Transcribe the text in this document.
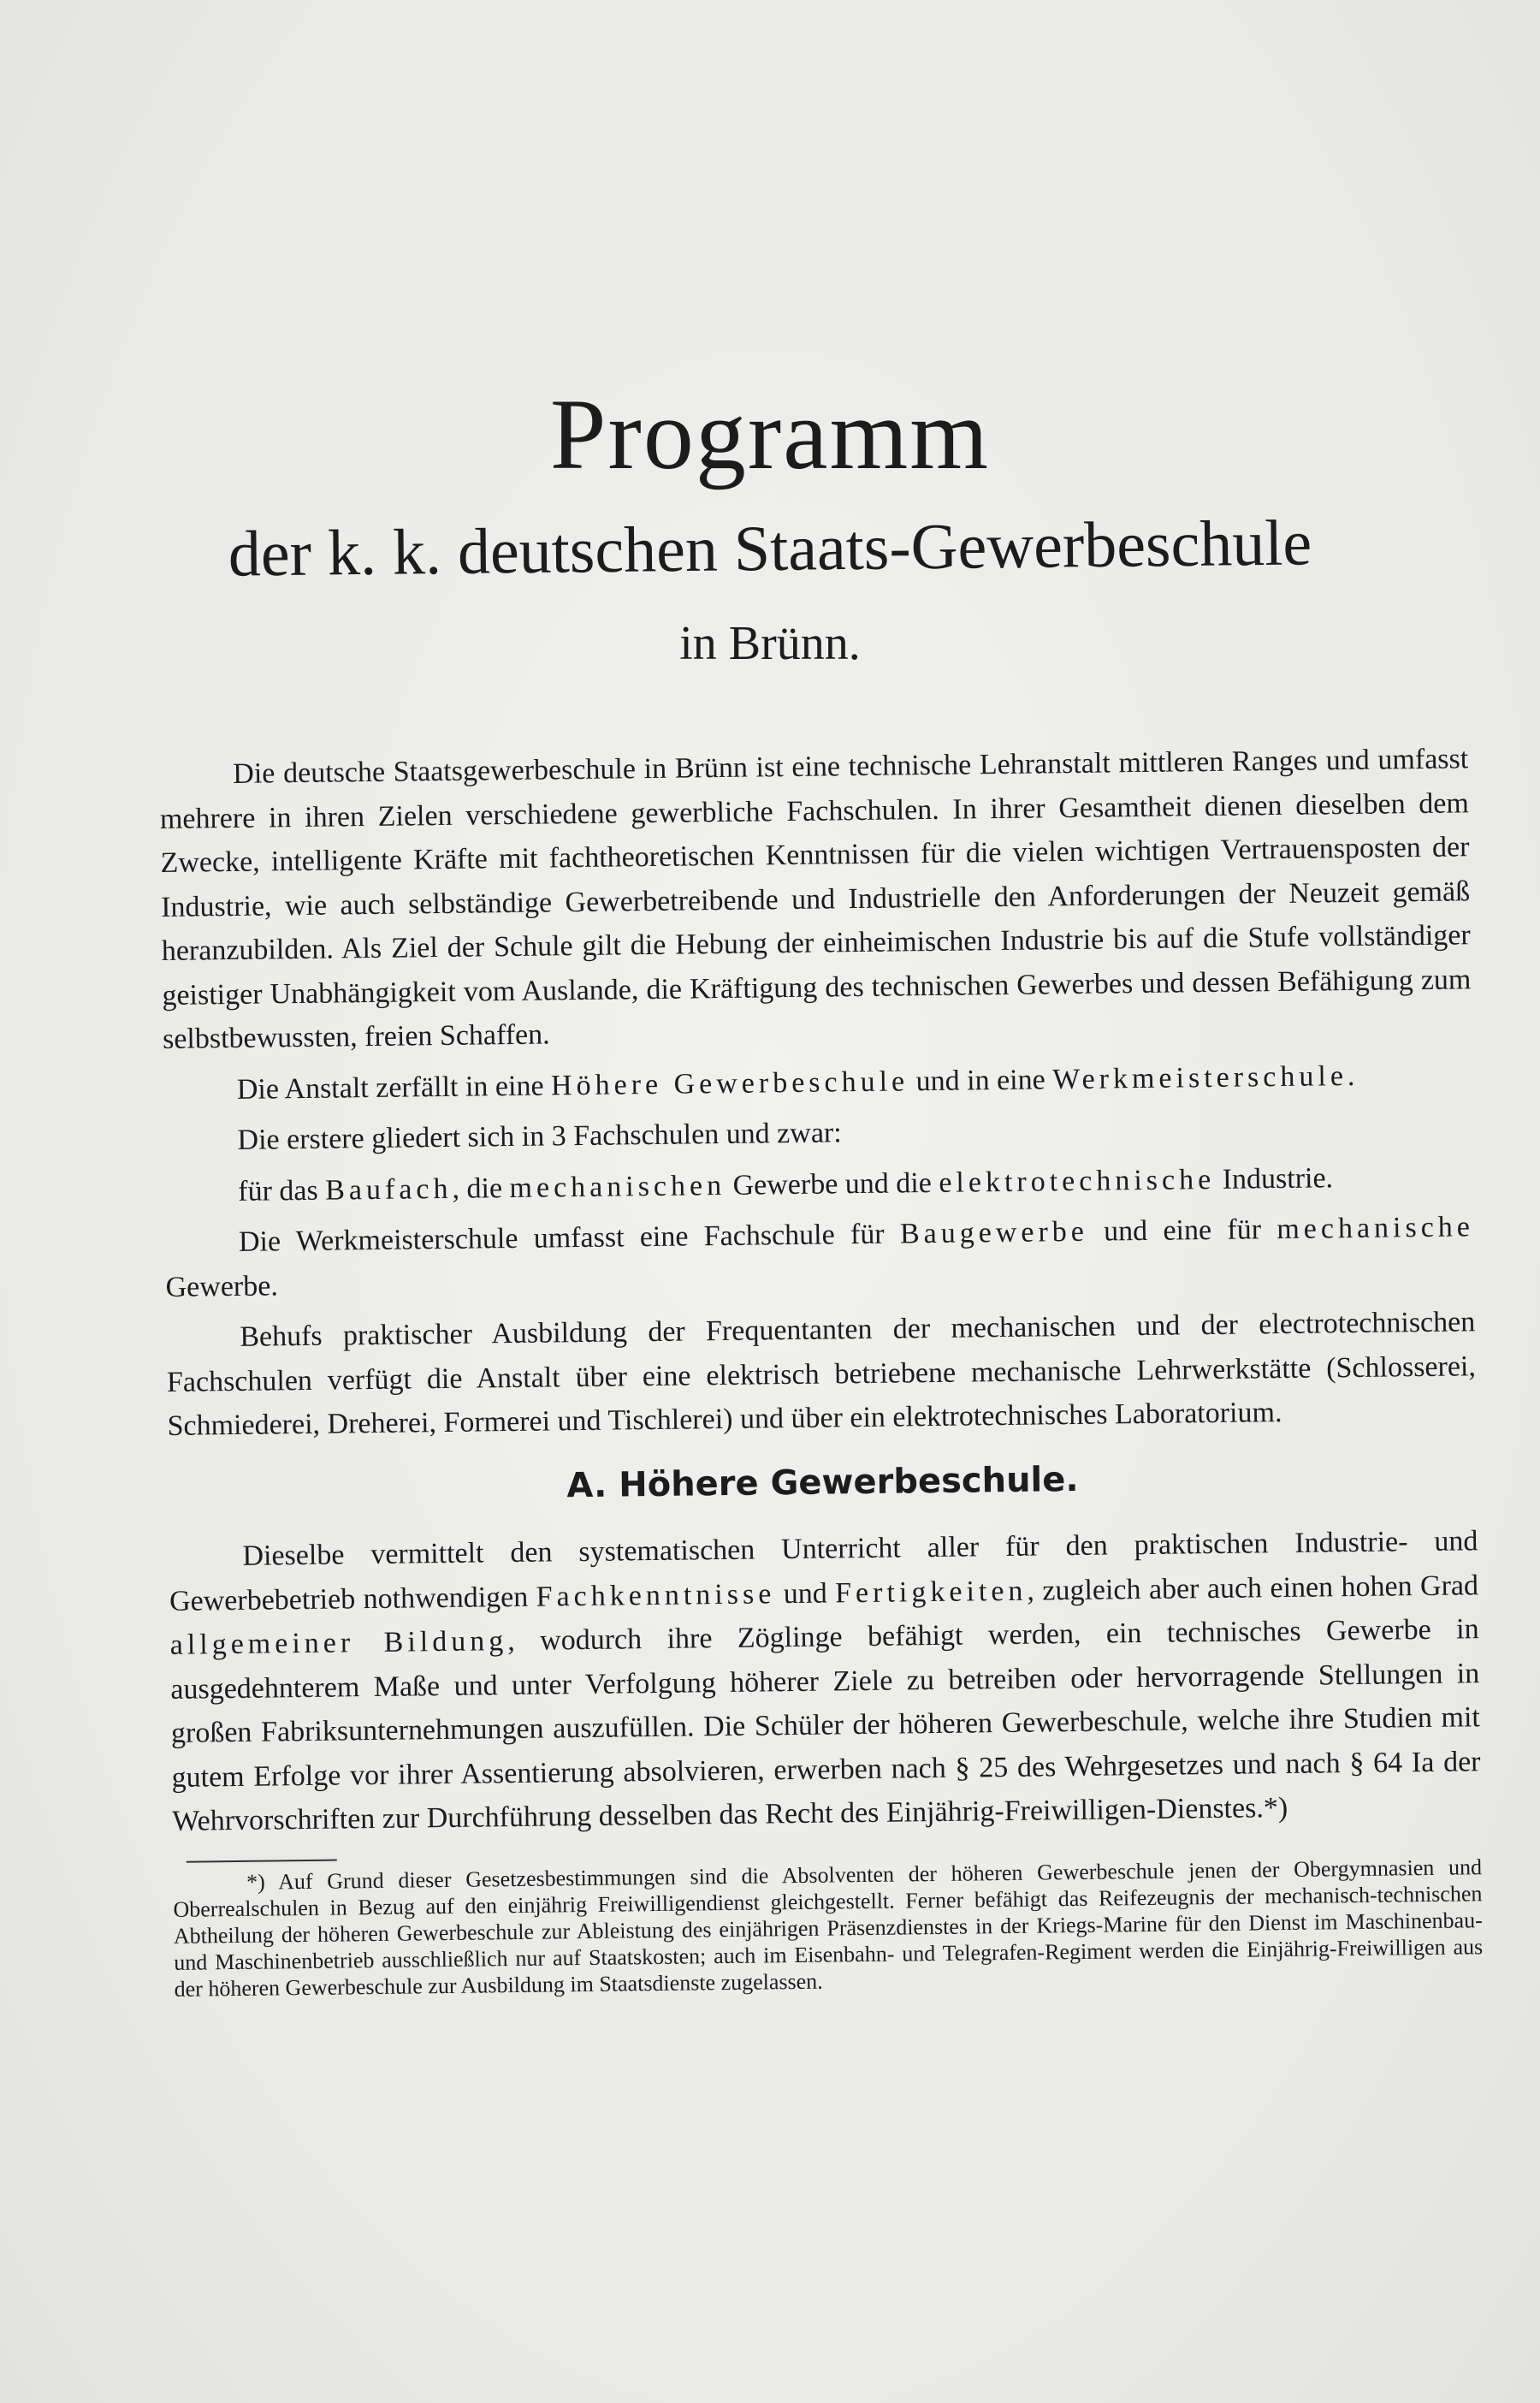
Programm
der k. k. deutschen Staats-Gewerbeschule
in Brünn.

Die deutsche Staatsgewerbeschule in Brünn ist eine technische Lehranstalt mittleren Ranges und umfasst mehrere in ihren Zielen verschiedene gewerbliche Fachschulen. In ihrer Gesamtheit dienen dieselben dem Zwecke, intelligente Kräfte mit fachtheoretischen Kenntnissen für die vielen wichtigen Vertrauensposten der Industrie, wie auch selbständige Gewerbetreibende und Industrielle den Anforderungen der Neuzeit gemäß heranzubilden. Als Ziel der Schule gilt die Hebung der einheimischen Industrie bis auf die Stufe vollständiger geistiger Unabhängigkeit vom Auslande, die Kräftigung des technischen Gewerbes und dessen Befähigung zum selbstbewussten, freien Schaffen.

Die Anstalt zerfällt in eine Höhere Gewerbeschule und in eine Werkmeisterschule.

Die erstere gliedert sich in 3 Fachschulen und zwar:

für das Baufach, die mechanischen Gewerbe und die elektrotechnische Industrie.

Die Werkmeisterschule umfasst eine Fachschule für Baugewerbe und eine für mechanische Gewerbe.

Behufs praktischer Ausbildung der Frequentanten der mechanischen und der electrotechnischen Fachschulen verfügt die Anstalt über eine elektrisch betriebene mechanische Lehrwerkstätte (Schlosserei, Schmiederei, Dreherei, Formerei und Tischlerei) und über ein elektrotechnisches Laboratorium.

A. Höhere Gewerbeschule.

Dieselbe vermittelt den systematischen Unterricht aller für den praktischen Industrie- und Gewerbebetrieb nothwendigen Fachkenntnisse und Fertigkeiten, zugleich aber auch einen hohen Grad allgemeiner Bildung, wodurch ihre Zöglinge befähigt werden, ein technisches Gewerbe in ausgedehnterem Maße und unter Verfolgung höherer Ziele zu betreiben oder hervorragende Stellungen in großen Fabriksunternehmungen auszufüllen. Die Schüler der höheren Gewerbeschule, welche ihre Studien mit gutem Erfolge vor ihrer Assentierung absolvieren, erwerben nach § 25 des Wehrgesetzes und nach § 64 Ia der Wehrvorschriften zur Durchführung desselben das Recht des Einjährig-Freiwilligen-Dienstes.*)

*) Auf Grund dieser Gesetzesbestimmungen sind die Absolventen der höheren Gewerbeschule jenen der Obergymnasien und Oberrealschulen in Bezug auf den einjährig Freiwilligendienst gleichgestellt. Ferner befähigt das Reifezeugnis der mechanisch-technischen Abtheilung der höheren Gewerbeschule zur Ableistung des einjährigen Präsenzdienstes in der Kriegs-Marine für den Dienst im Maschinenbau- und Maschinenbetrieb ausschließlich nur auf Staatskosten; auch im Eisenbahn- und Telegrafen-Regiment werden die Einjährig-Freiwilligen aus der höheren Gewerbeschule zur Ausbildung im Staatsdienste zugelassen.
